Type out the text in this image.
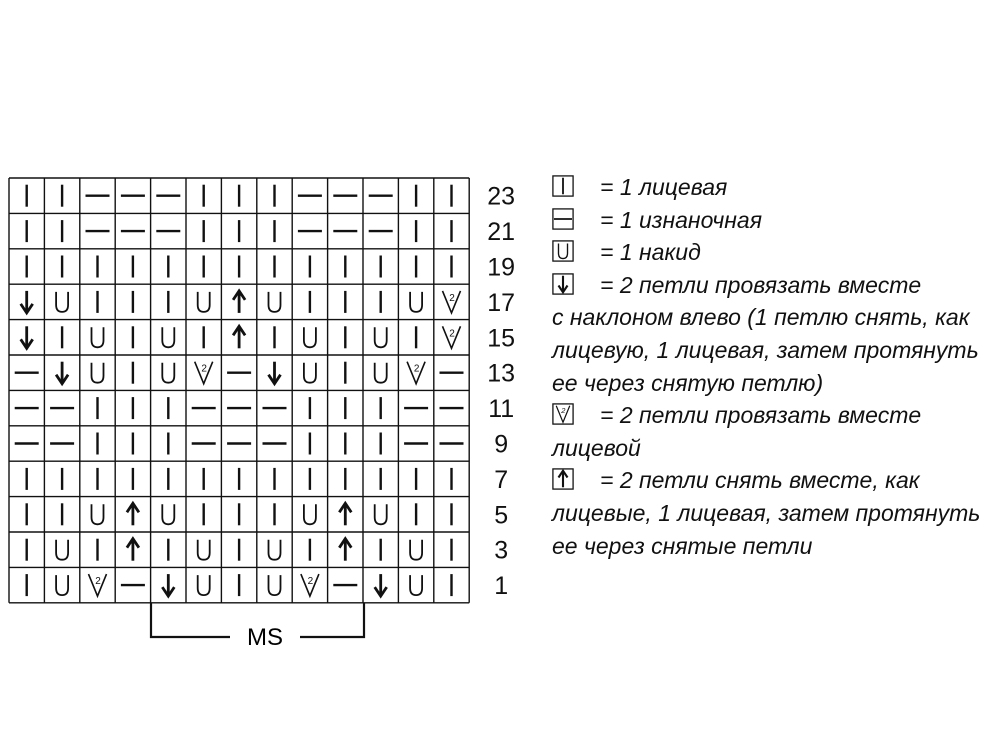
2	2
2	2
2
2
1
3
5
7
9
11
13
15
17
19
21
23
MS
= 1 лицевая
= 1 изнаночная
= 1 накид
= 2 петли провязать вместе
с наклоном влево (1 петлю снять, как
лицевую, 1 лицевая, затем протянуть
ее через снятую петлю)
2 = 2 петли провязать вместе
лицевой
= 2 петли снять вместе, как
лицевые, 1 лицевая, затем протянуть
ее через снятые петли
